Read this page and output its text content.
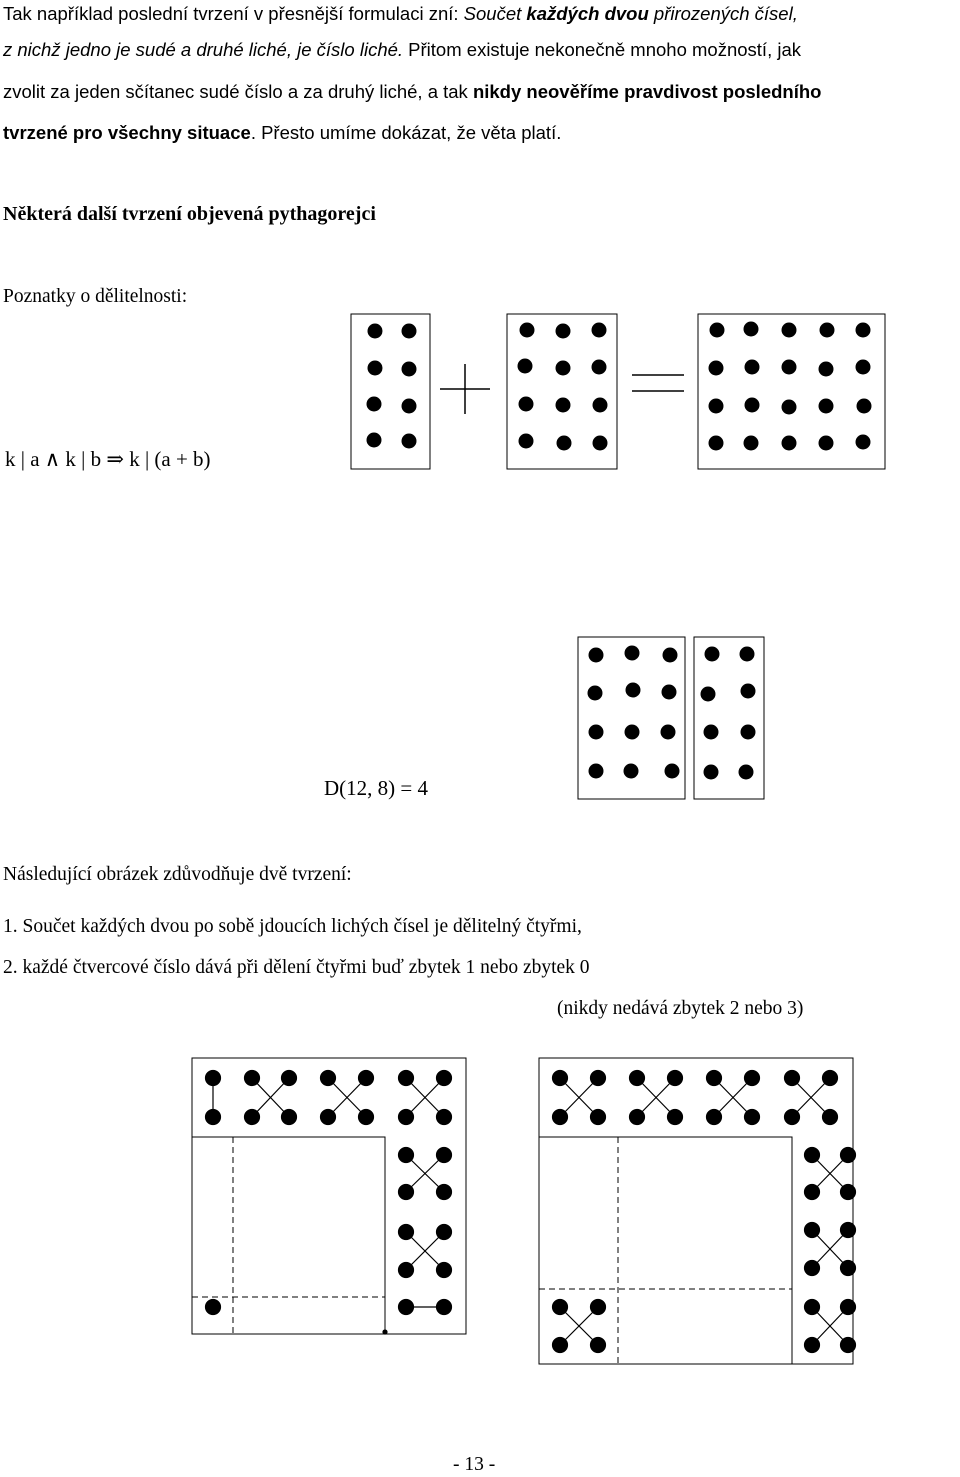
Tak například poslední tvrzení v přesnější formulaci zní: Součet každých dvou přirozených čísel,
z nichž jedno je sudé a druhé liché, je číslo liché. Přitom existuje nekonečně mnoho možností, jak
zvolit za jeden sčítanec sudé číslo a za druhý liché, a tak nikdy neověříme pravdivost posledního
tvrzené pro všechny situace. Přesto umíme dokázat, že věta platí.
Některá další tvrzení objevená pythagorejci
Poznatky o dělitelnosti:
k | a ∧ k | b ⇒ k | (a + b)
D(12, 8) = 4
Následující obrázek zdůvodňuje dvě tvrzení:
1. Součet každých dvou po sobě jdoucích lichých čísel je dělitelný čtyřmi,
2. každé čtvercové číslo dává při dělení čtyřmi buď zbytek 1 nebo zbytek 0
(nikdy nedává zbytek 2 nebo 3)
- 13 -
